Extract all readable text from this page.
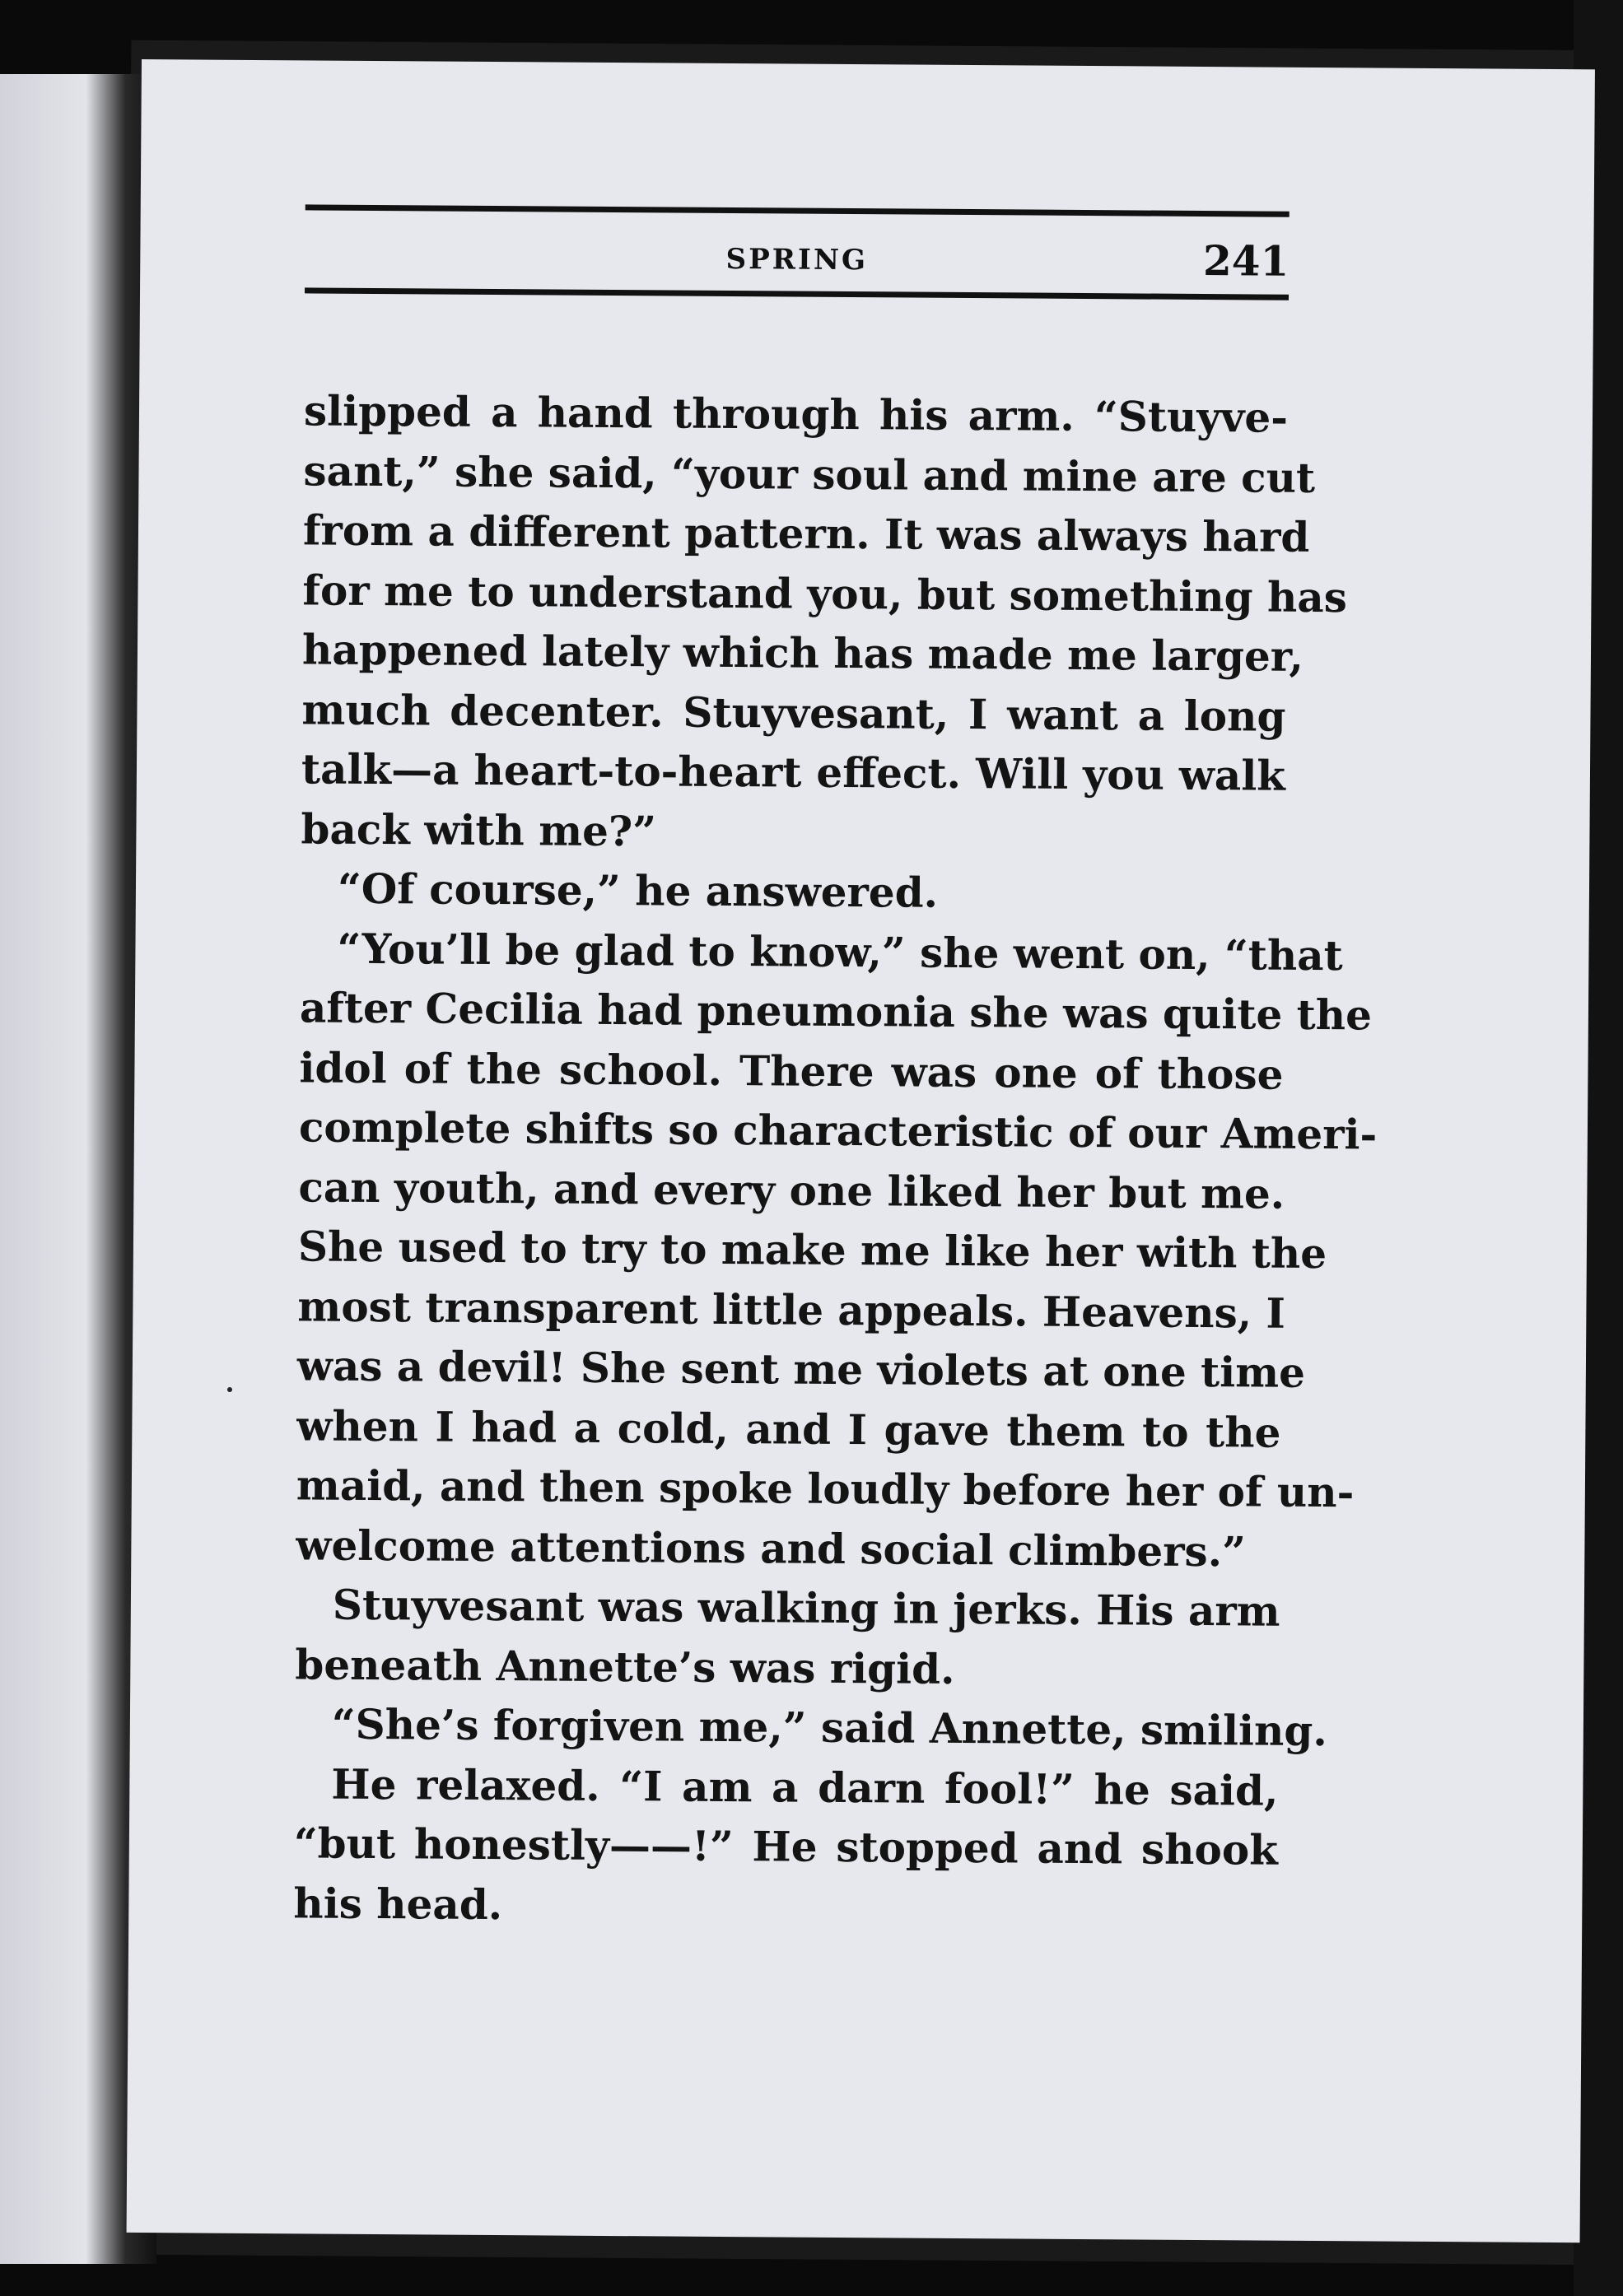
SPRING	241
slipped a hand through his arm. “Stuyve-
sant,” she said, “your soul and mine are cut
from a different pattern. It was always hard
for me to understand you, but something has
happened lately which has made me larger,
much decenter. Stuyvesant, I want a long
talk—a heart-to-heart effect. Will you walk
back with me?”
“Of course,” he answered.
“You’ll be glad to know,” she went on, “that
after Cecilia had pneumonia she was quite the
idol of the school. There was one of those
complete shifts so characteristic of our Ameri-
can youth, and every one liked her but me.
She used to try to make me like her with the
most transparent little appeals. Heavens, I
was a devil! She sent me violets at one time
when I had a cold, and I gave them to the
maid, and then spoke loudly before her of un-
welcome attentions and social climbers.”
Stuyvesant was walking in jerks. His arm
beneath Annette’s was rigid.
“She’s forgiven me,” said Annette, smiling.
He relaxed. “I am a darn fool!” he said,
“but honestly——!” He stopped and shook
his head.
